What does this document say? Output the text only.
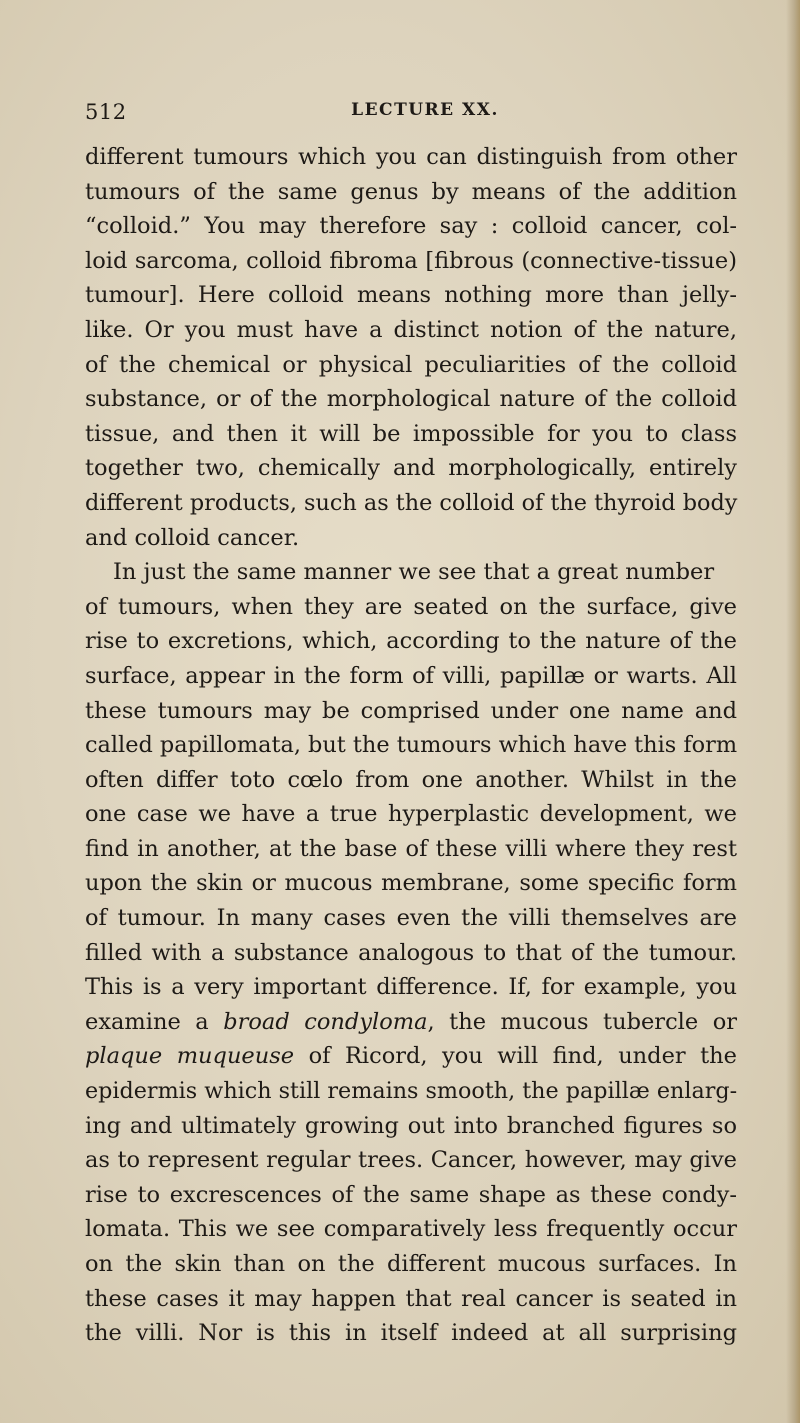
512	LECTURE XX.
different tumours which you can distinguish from other
tumours of the same genus by means of the addition
“colloid.” You may therefore say : colloid cancer, col-
loid sarcoma, colloid fibroma [fibrous (connective-tissue)
tumour]. Here colloid means nothing more than jelly-
like. Or you must have a distinct notion of the nature,
of the chemical or physical peculiarities of the colloid
substance, or of the morphological nature of the colloid
tissue, and then it will be impossible for you to class
together two, chemically and morphologically, entirely
different products, such as the colloid of the thyroid body
and colloid cancer.
In just the same manner we see that a great number
of tumours, when they are seated on the surface, give
rise to excretions, which, according to the nature of the
surface, appear in the form of villi, papillæ or warts. All
these tumours may be comprised under one name and
called papillomata, but the tumours which have this form
often differ toto cœlo from one another. Whilst in the
one case we have a true hyperplastic development, we
find in another, at the base of these villi where they rest
upon the skin or mucous membrane, some specific form
of tumour. In many cases even the villi themselves are
filled with a substance analogous to that of the tumour.
This is a very important difference. If, for example, you
examine a broad condyloma, the mucous tubercle or
plaque muqueuse of Ricord, you will find, under the
epidermis which still remains smooth, the papillæ enlarg-
ing and ultimately growing out into branched figures so
as to represent regular trees. Cancer, however, may give
rise to excrescences of the same shape as these condy-
lomata. This we see comparatively less frequently occur
on the skin than on the different mucous surfaces. In
these cases it may happen that real cancer is seated in
the villi. Nor is this in itself indeed at all surprising
